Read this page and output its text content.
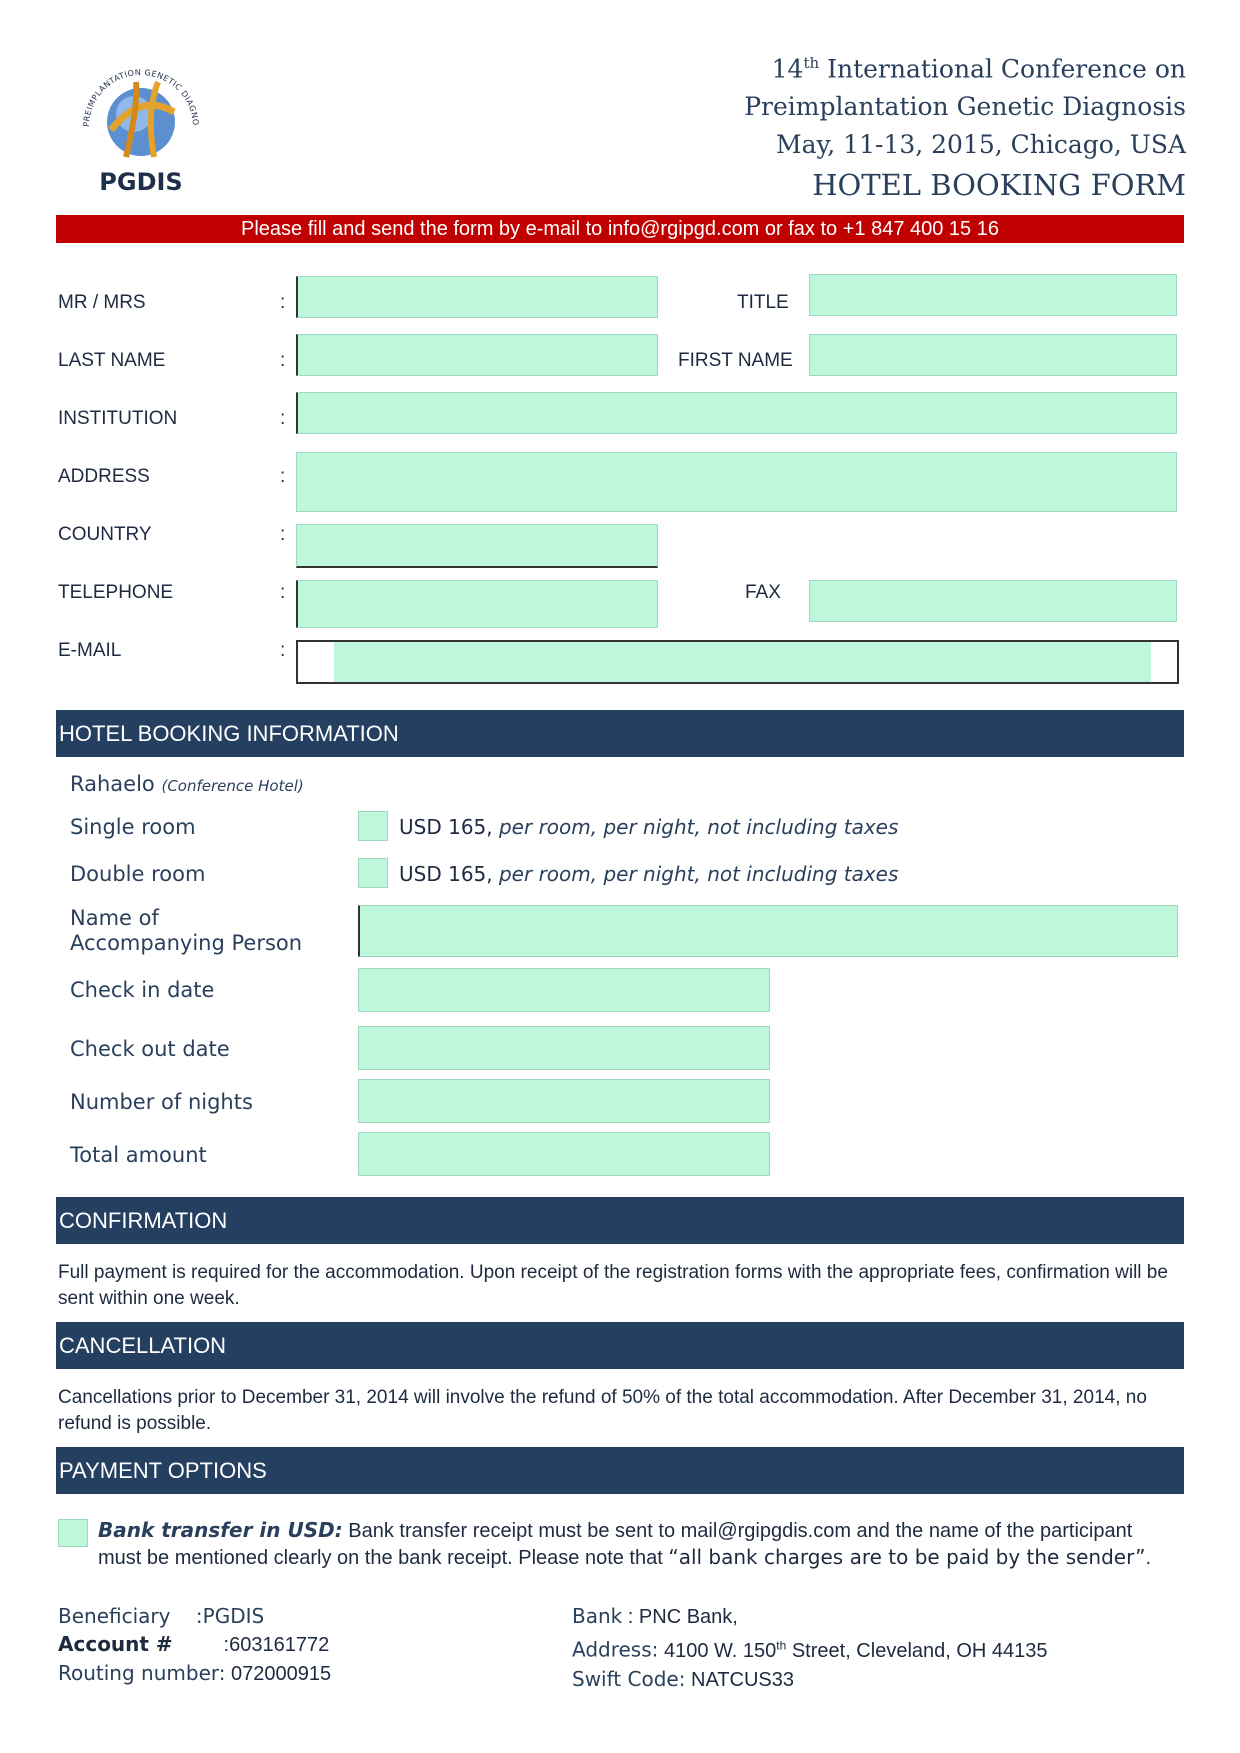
PREIMPLANTATION GENETIC DIAGNO
PGDIS
14th International Conference on
Preimplantation Genetic Diagnosis
May, 11-13, 2015, Chicago, USA
HOTEL BOOKING FORM
Please fill and send the form by e-mail to info@rgipgd.com or fax to +1 847 400 15 16
MR / MRS	:	TITLE
LAST NAME	:	FIRST NAME
INSTITUTION	:
ADDRESS	:
COUNTRY	:
TELEPHONE	:	FAX
E-MAIL	:
HOTEL BOOKING INFORMATION
Rahaelo (Conference Hotel)
Single room	USD 165, per room, per night, not including taxes
Double room	USD 165, per room, per night, not including taxes
Name of
Accompanying Person
Check in date
Check out date
Number of nights
Total amount
CONFIRMATION
Full payment is required for the accommodation. Upon receipt of the registration forms with the appropriate fees, confirmation will be sent within one week.
CANCELLATION
Cancellations prior to December 31, 2014 will involve the refund of 50% of the total accommodation. After December 31, 2014, no refund is possible.
PAYMENT OPTIONS
Bank transfer in USD: Bank transfer receipt must be sent to mail@rgipgdis.com and the name of the participant must be mentioned clearly on the bank receipt. Please note that “all bank charges are to be paid by the sender”.
Beneficiary :PGDIS
Account #	:603161772
Routing number: 072000915
Bank : PNC Bank,
Address: 4100 W. 150th Street, Cleveland, OH 44135
Swift Code: NATCUS33
